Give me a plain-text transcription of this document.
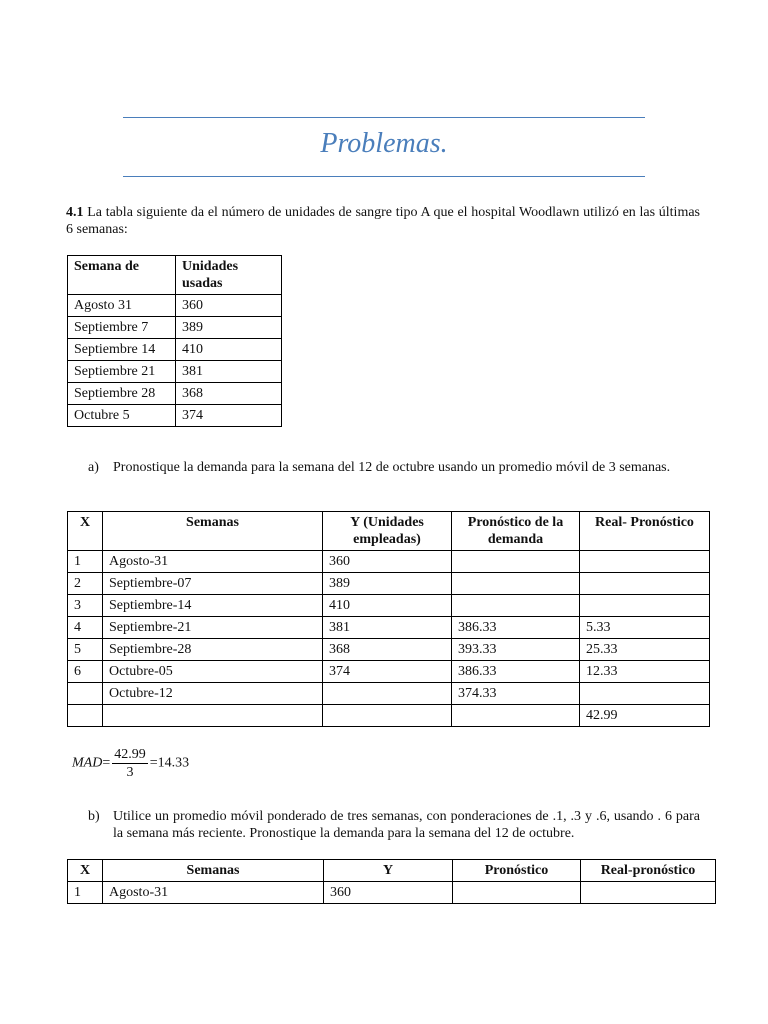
Problemas.
4.1 La tabla siguiente da el número de unidades de sangre tipo A que el hospital Woodlawn utilizó en las últimas 6 semanas:
Semana de	Unidades usadas
Agosto 31	360
Septiembre 7	389
Septiembre 14	410
Septiembre 21	381
Septiembre 28	368
Octubre 5	374
a) Pronostique la demanda para la semana del 12 de octubre usando un promedio móvil de 3 semanas.
X	Semanas	Y (Unidades empleadas)	Pronóstico de la demanda	Real- Pronóstico
1	Agosto-31	360		
2	Septiembre-07	389		
3	Septiembre-14	410		
4	Septiembre-21	381	386.33	5.33
5	Septiembre-28	368	393.33	25.33
6	Octubre-05	374	386.33	12.33
	Octubre-12		374.33	
				42.99
$MAD= \frac{42.99}{3} =14.33$
b) Utilice un promedio móvil ponderado de tres semanas, con ponderaciones de .1, .3 y .6, usando . 6 para la semana más reciente. Pronostique la demanda para la semana del 12 de octubre.
X	Semanas	Y	Pronóstico	Real-pronóstico
1	Agosto-31	360		
